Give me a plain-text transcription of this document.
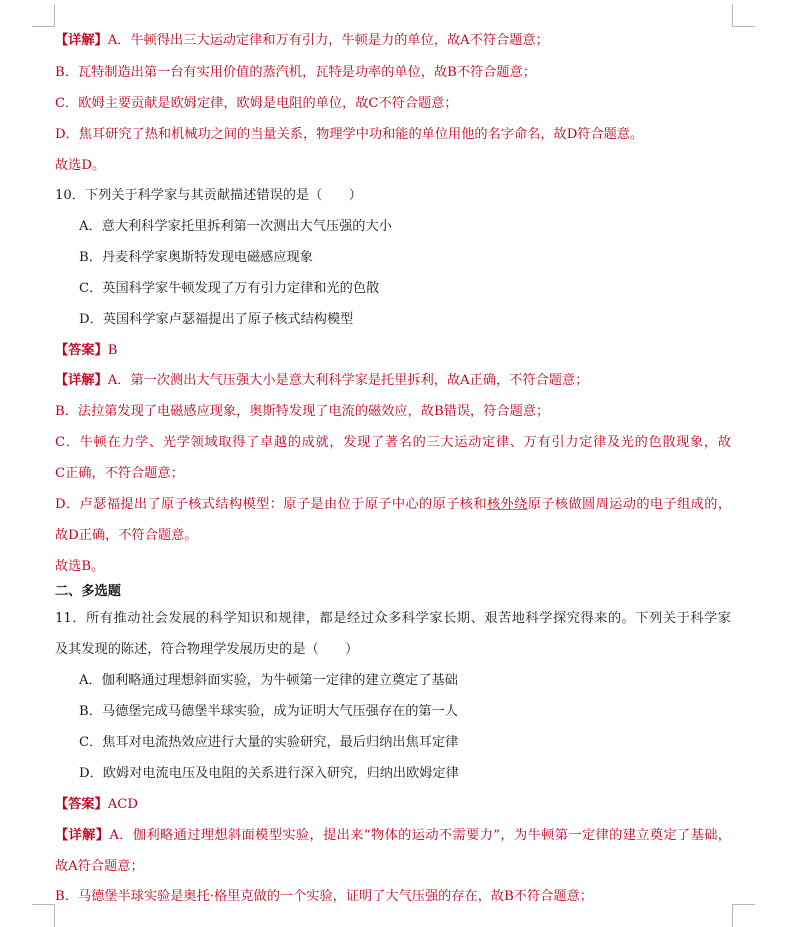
【详解】A．牛顿得出三大运动定律和万有引力，牛顿是力的单位，故A不符合题意；
B．瓦特制造出第一台有实用价值的蒸汽机，瓦特是功率的单位，故B不符合题意；
C．欧姆主要贡献是欧姆定律，欧姆是电阻的单位，故C不符合题意；
D．焦耳研究了热和机械功之间的当量关系，物理学中功和能的单位用他的名字命名，故D符合题意。
故选D。
10．下列关于科学家与其贡献描述错误的是（　　）
A．意大利科学家托里拆利第一次测出大气压强的大小
B．丹麦科学家奥斯特发现电磁感应现象
C．英国科学家牛顿发现了万有引力定律和光的色散
D．英国科学家卢瑟福提出了原子核式结构模型
【答案】B
【详解】A．第一次测出大气压强大小是意大利科学家是托里拆利，故A正确，不符合题意；
B．法拉第发现了电磁感应现象，奥斯特发现了电流的磁效应，故B错误，符合题意；
C．牛顿在力学、光学领域取得了卓越的成就，发现了著名的三大运动定律、万有引力定律及光的色散现象，故
C正确，不符合题意；
D．卢瑟福提出了原子核式结构模型：原子是由位于原子中心的原子核和核外绕原子核做圆周运动的电子组成的，
故D正确，不符合题意。
故选B。
二、多选题
11．所有推动社会发展的科学知识和规律，都是经过众多科学家长期、艰苦地科学探究得来的。下列关于科学家
及其发现的陈述，符合物理学发展历史的是（　　）
A．伽利略通过理想斜面实验，为牛顿第一定律的建立奠定了基础
B．马德堡完成马德堡半球实验，成为证明大气压强存在的第一人
C．焦耳对电流热效应进行大量的实验研究，最后归纳出焦耳定律
D．欧姆对电流电压及电阻的关系进行深入研究，归纳出欧姆定律
【答案】ACD
【详解】A．伽利略通过理想斜面模型实验，提出来“物体的运动不需要力”，为牛顿第一定律的建立奠定了基础，
故A符合题意；
B．马德堡半球实验是奥托·格里克做的一个实验，证明了大气压强的存在，故B不符合题意；
